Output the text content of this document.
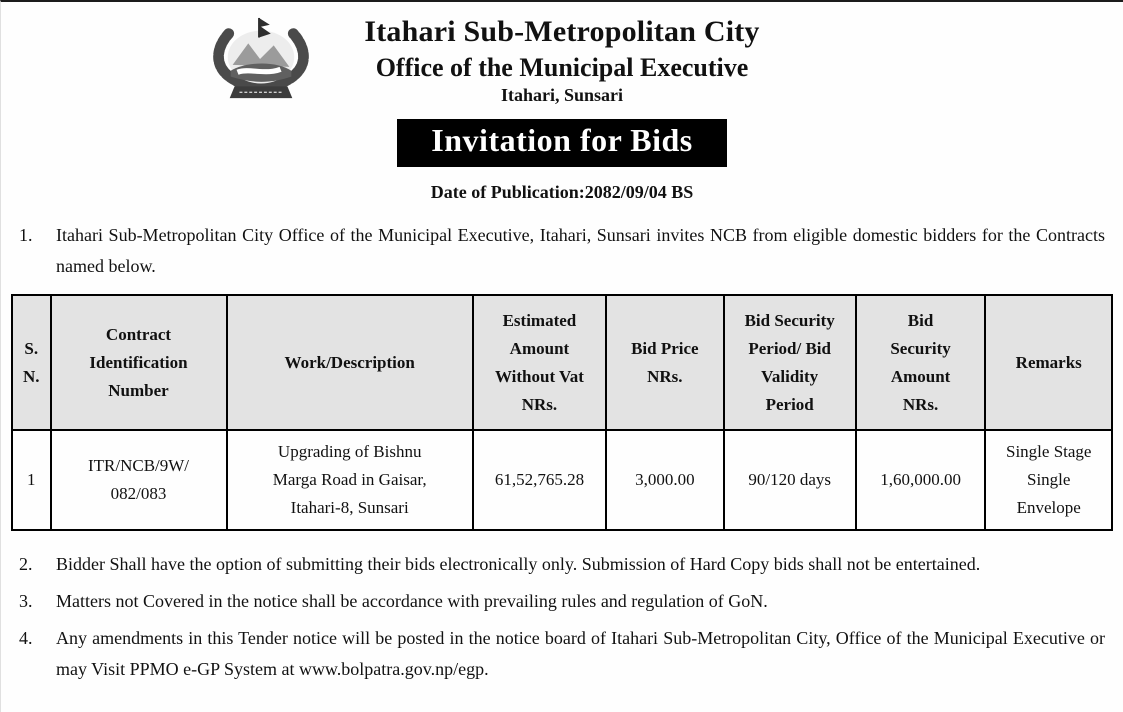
Itahari Sub-Metropolitan City
Office of the Municipal Executive
Itahari, Sunsari
Invitation for Bids
Date of Publication:2082/09/04 BS
1.	Itahari Sub-Metropolitan City Office of the Municipal Executive, Itahari, Sunsari invites NCB from eligible domestic bidders for the Contracts named below.
S. N.	Contract Identification Number	Work/Description	Estimated Amount Without Vat NRs.	Bid Price NRs.	Bid Security Period/ Bid Validity Period	Bid Security Amount NRs.	Remarks
1	ITR/NCB/9W/ 082/083	Upgrading of Bishnu Marga Road in Gaisar, Itahari-8, Sunsari	61,52,765.28	3,000.00	90/120 days	1,60,000.00	Single Stage Single Envelope
2.	Bidder Shall have the option of submitting their bids electronically only. Submission of Hard Copy bids shall not be entertained.
3.	Matters not Covered in the notice shall be accordance with prevailing rules and regulation of GoN.
4.	Any amendments in this Tender notice will be posted in the notice board of Itahari Sub-Metropolitan City, Office of the Municipal Executive or may Visit PPMO e-GP System at www.bolpatra.gov.np/egp.
